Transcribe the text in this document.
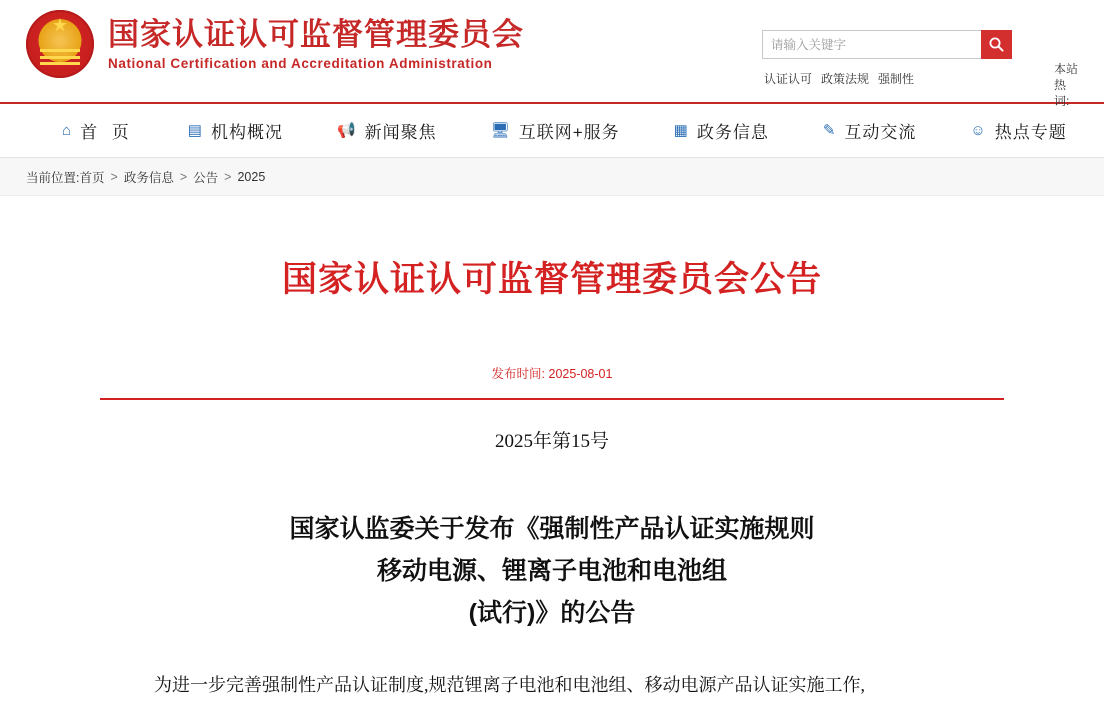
★
国家认证认可监督管理委员会
National Certification and Accreditation Administration
请输入关键字	本站热词:
认证认可 政策法规 强制性
⌂ 首 页	▤ 机构概况	📢 新闻聚焦	🖥 互联网+服务	▦ 政务信息	✎ 互动交流	☺ 热点专题
当前位置: 首页 > 政务信息 > 公告 > 2025
国家认证认可监督管理委员会公告
发布时间: 2025-08-01
2025年第15号
国家认监委关于发布《强制性产品认证实施规则
移动电源、锂离子电池和电池组
(试行)》的公告
为进一步完善强制性产品认证制度,规范锂离子电池和电池组、移动电源产品认证实施工作,
